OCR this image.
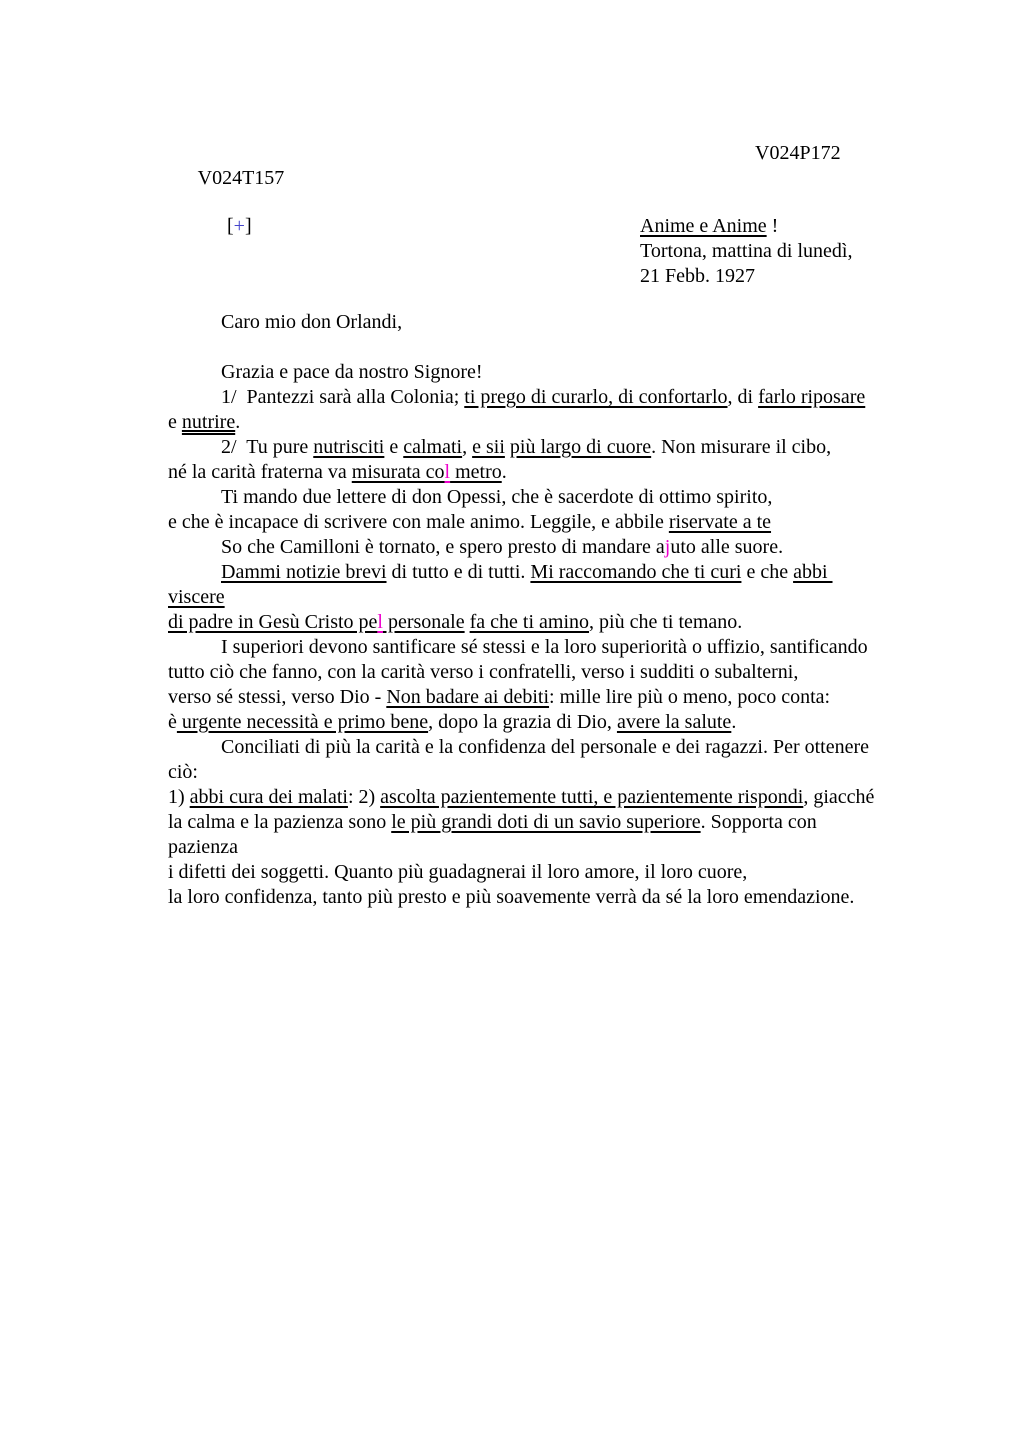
V024T157

V024P172

[+]	Anime e Anime !
Tortona, mattina di lunedì,
21 Febb. 1927
Caro mio don Orlandi,

Grazia e pace da nostro Signore!
1/  Pantezzi sarà alla Colonia; ti prego di curarlo, di confortarlo, di farlo riposare
e nutrire.
2/  Tu pure nutrisciti e calmati, e sii più largo di cuore. Non misurare il cibo,
né la carità fraterna va misurata col metro.
Ti mando due lettere di don Opessi, che è sacerdote di ottimo spirito,
e che è incapace di scrivere con male animo. Leggile, e abbile riservate a te
So che Camilloni è tornato, e spero presto di mandare ajuto alle suore.
Dammi notizie brevi di tutto e di tutti. Mi raccomando che ti curi e che abbi
viscere
di padre in Gesù Cristo pel personale fa che ti amino, più che ti temano.
I superiori devono santificare sé stessi e la loro superiorità o uffizio, santificando
tutto ciò che fanno, con la carità verso i confratelli, verso i sudditi o subalterni,
verso sé stessi, verso Dio - Non badare ai debiti: mille lire più o meno, poco conta:
è urgente necessità e primo bene, dopo la grazia di Dio, avere la salute.
Conciliati di più la carità e la confidenza del personale e dei ragazzi. Per ottenere
ciò:
1) abbi cura dei malati: 2) ascolta pazientemente tutti, e pazientemente rispondi, giacché
la calma e la pazienza sono le più grandi doti di un savio superiore. Sopporta con
pazienza
i difetti dei soggetti. Quanto più guadagnerai il loro amore, il loro cuore,
la loro confidenza, tanto più presto e più soavemente verrà da sé la loro emendazione.
